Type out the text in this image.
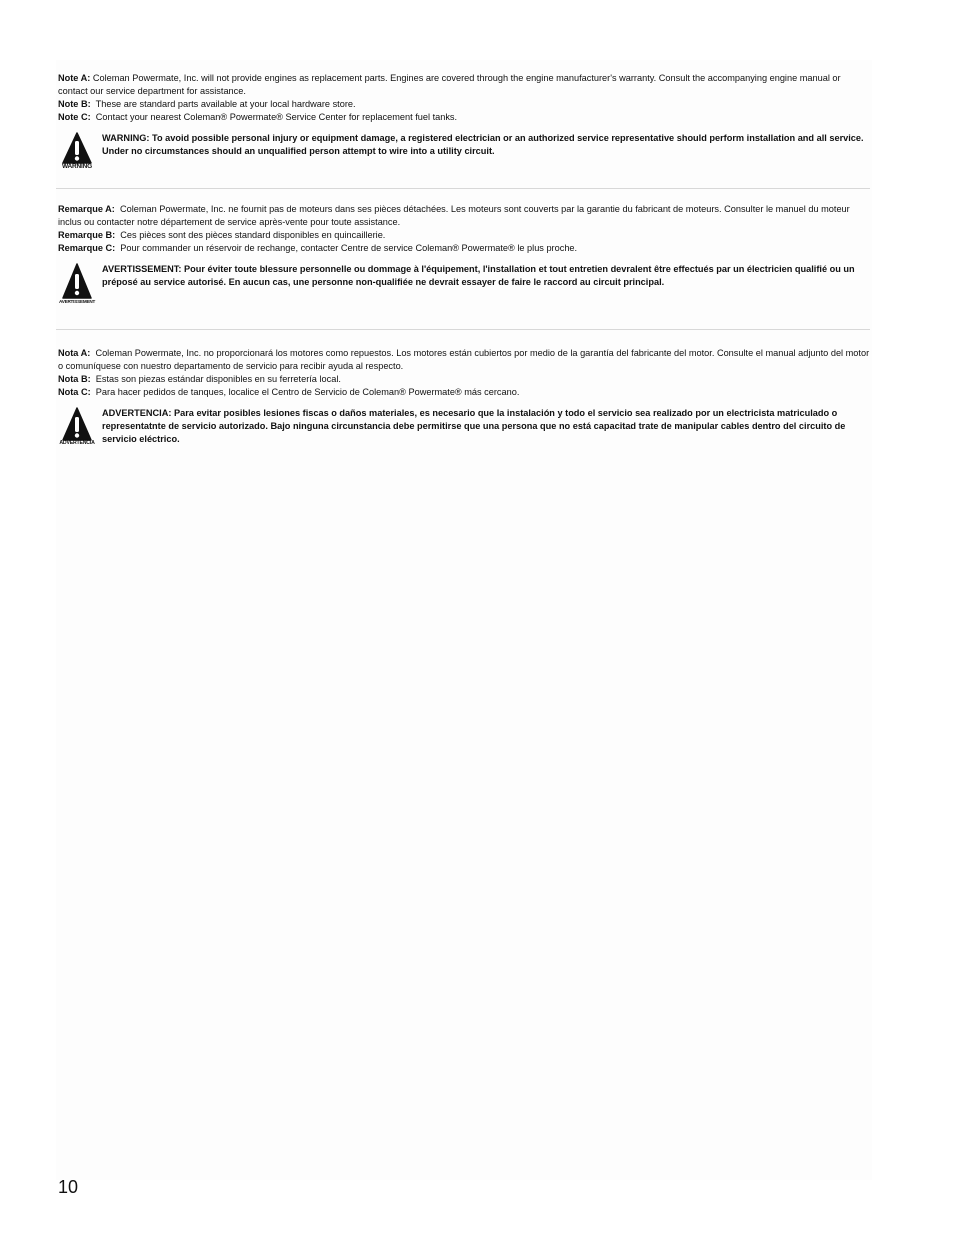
Note A: Coleman Powermate, Inc. will not provide engines as replacement parts. Engines are covered through the engine manufacturer's warranty. Consult the accompanying engine manual or contact our service department for assistance.

Note B: These are standard parts available at your local hardware store.

Note C: Contact your nearest Coleman® Powermate® Service Center for replacement fuel tanks.

WARNING
WARNING: To avoid possible personal injury or equipment damage, a registered electrician or an authorized service representative should perform installation and all service. Under no circumstances should an unqualified person attempt to wire into a utility circuit.

Remarque A: Coleman Powermate, Inc. ne fournit pas de moteurs dans ses pièces détachées. Les moteurs sont couverts par la garantie du fabricant de moteurs. Consulter le manuel du moteur inclus ou contacter notre département de service après-vente pour toute assistance.

Remarque B: Ces pièces sont des pièces standard disponibles en quincaillerie.

Remarque C: Pour commander un réservoir de rechange, contacter Centre de service Coleman® Powermate® le plus proche.

AVERTISSEMENT
AVERTISSEMENT: Pour éviter toute blessure personnelle ou dommage à l'équipement, l'installation et tout entretien devralent être effectués par un électricien qualifié ou un préposé au service autorisé. En aucun cas, une personne non-qualifiée ne devrait essayer de faire le raccord au circuit principal.

Nota A: Coleman Powermate, Inc. no proporcionará los motores como repuestos. Los motores están cubiertos por medio de la garantía del fabricante del motor. Consulte el manual adjunto del motor o comuníquese con nuestro departamento de servicio para recibir ayuda al respecto.

Nota B: Estas son piezas estándar disponibles en su ferretería local.

Nota C: Para hacer pedidos de tanques, localice el Centro de Servicio de Coleman® Powermate® más cercano.

ADVERTENCIA
ADVERTENCIA: Para evitar posibles lesiones fiscas o daños materiales, es necesario que la instalación y todo el servicio sea realizado por un electricista matriculado o representatnte de servicio autorizado. Bajo ninguna circunstancia debe permitirse que una persona que no está capacitad trate de manipular cables dentro del circuito de servicio eléctrico.
10
